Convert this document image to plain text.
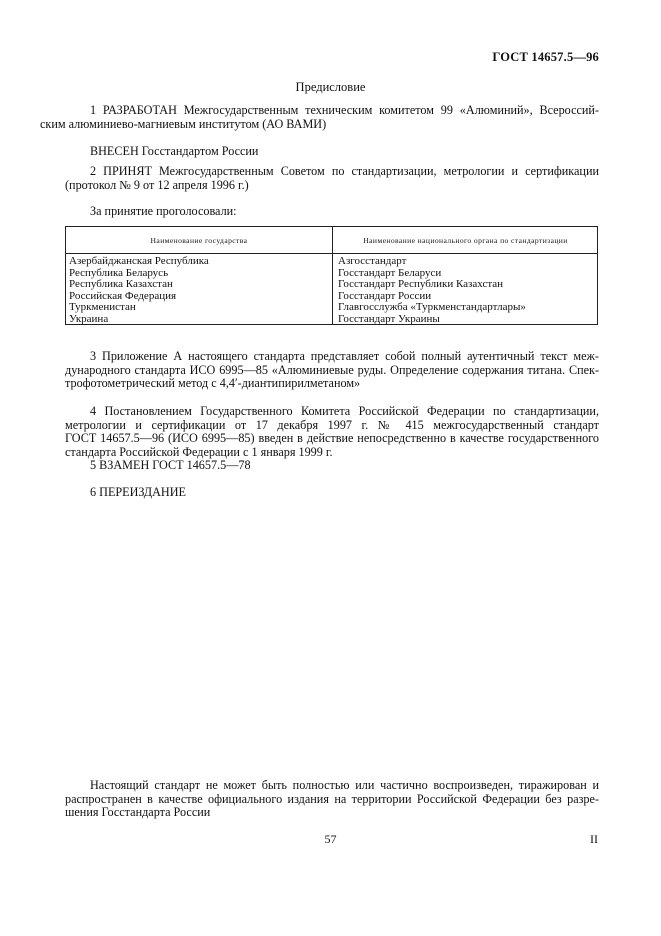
ГОСТ 14657.5—96
Предисловие
1 РАЗРАБОТАН Межгосударственным техническим комитетом 99 «Алюминий», Всероссий-
ским алюминиево-магниевым институтом (АО ВАМИ)
ВНЕСЕН Госстандартом России
2 ПРИНЯТ Межгосударственным Советом по стандартизации, метрологии и сертификации
(протокол № 9 от 12 апреля 1996 г.)
За принятие проголосовали:
Наименование государства	Наименование национального органа по стандартизации
Азербайджанская Республика
Республика Беларусь
Республика Казахстан
Российская Федерация
Туркменистан
Украина
Азгосстандарт
Госстандарт Беларуси
Госстандарт Республики Казахстан
Госстандарт России
Главгосслужба «Туркменстандартлары»
Госстандарт Украины
3 Приложение А настоящего стандарта представляет собой полный аутентичный текст меж-
дународного стандарта ИСО 6995—85 «Алюминиевые руды. Определение содержания титана. Спек-
трофотометрический метод с 4,4′-диантипирилметаном»
4 Постановлением Государственного Комитета Российской Федерации по стандартизации,
метрологии и сертификации от 17 декабря 1997 г. № 415 межгосударственный стандарт
ГОСТ 14657.5—96 (ИСО 6995—85) введен в действие непосредственно в качестве государственного
стандарта Российской Федерации с 1 января 1999 г.
5 ВЗАМЕН ГОСТ 14657.5—78
6 ПЕРЕИЗДАНИЕ
Настоящий стандарт не может быть полностью или частично воспроизведен, тиражирован и
распространен в качестве официального издания на территории Российской Федерации без разре-
шения Госстандарта России
57	II
